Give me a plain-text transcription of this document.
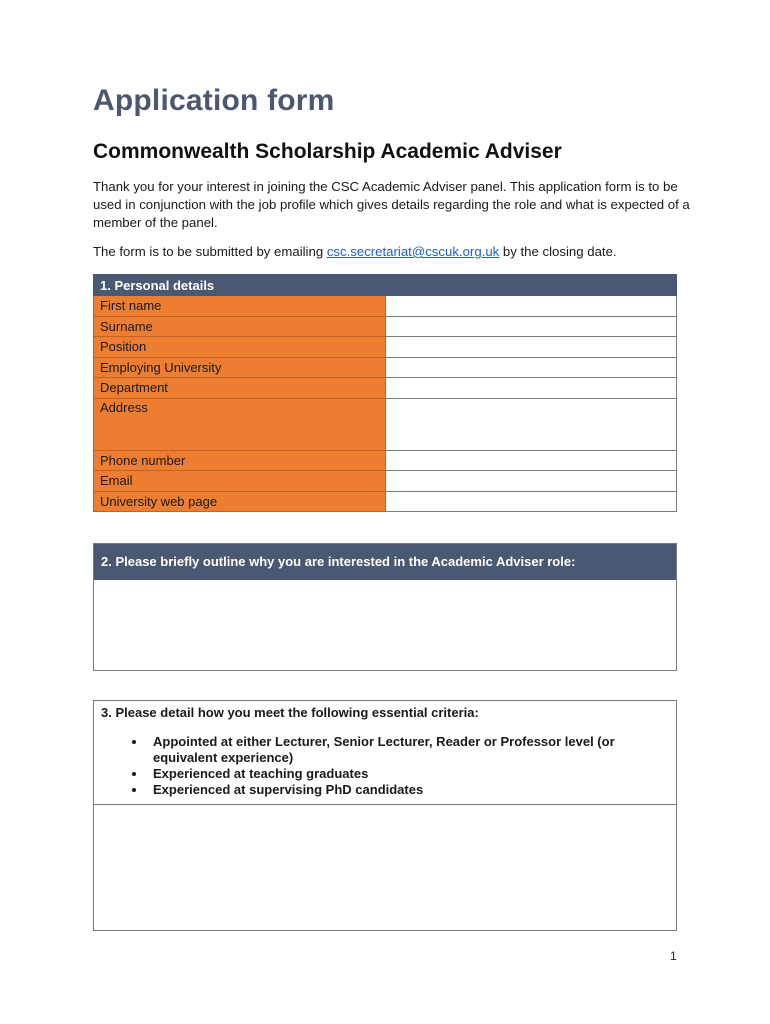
Application form
Commonwealth Scholarship Academic Adviser

Thank you for your interest in joining the CSC Academic Adviser panel. This application form is to be used in conjunction with the job profile which gives details regarding the role and what is expected of a member of the panel.

The form is to be submitted by emailing csc.secretariat@cscuk.org.uk by the closing date.

1. Personal details	
First name	
Surname	
Position	
Employing University	
Department	
Address	
Phone number	
Email	
University web page	
2. Please briefly outline why you are interested in the Academic Adviser role:
3. Please detail how you meet the following essential criteria:
• Appointed at either Lecturer, Senior Lecturer, Reader or Professor level (or equivalent experience)
• Experienced at teaching graduates
• Experienced at supervising PhD candidates
1
